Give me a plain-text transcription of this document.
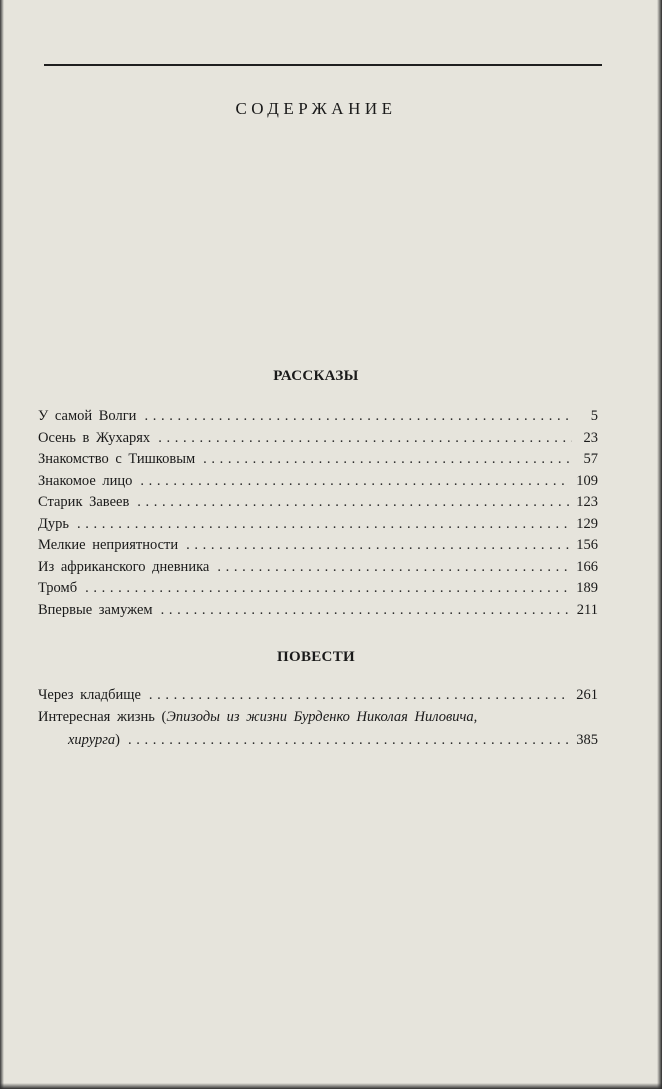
СОДЕРЖАНИЕ
РАССКАЗЫ
У самой Волги . . .	5
Осень в Жухарях . . .	23
Знакомство с Тишковым . . .	57
Знакомое лицо . . .	109
Старик Завеев . . .	123
Дурь . . .	129
Мелкие неприятности . . .	156
Из африканского дневника . . .	166
Тромб . . .	189
Впервые замужем . . .	211
ПОВЕСТИ
Через кладбище . . .	261
Интересная жизнь (Эпизоды из жизни Бурденко Николая Ниловича,
хирурга) . . .	385
